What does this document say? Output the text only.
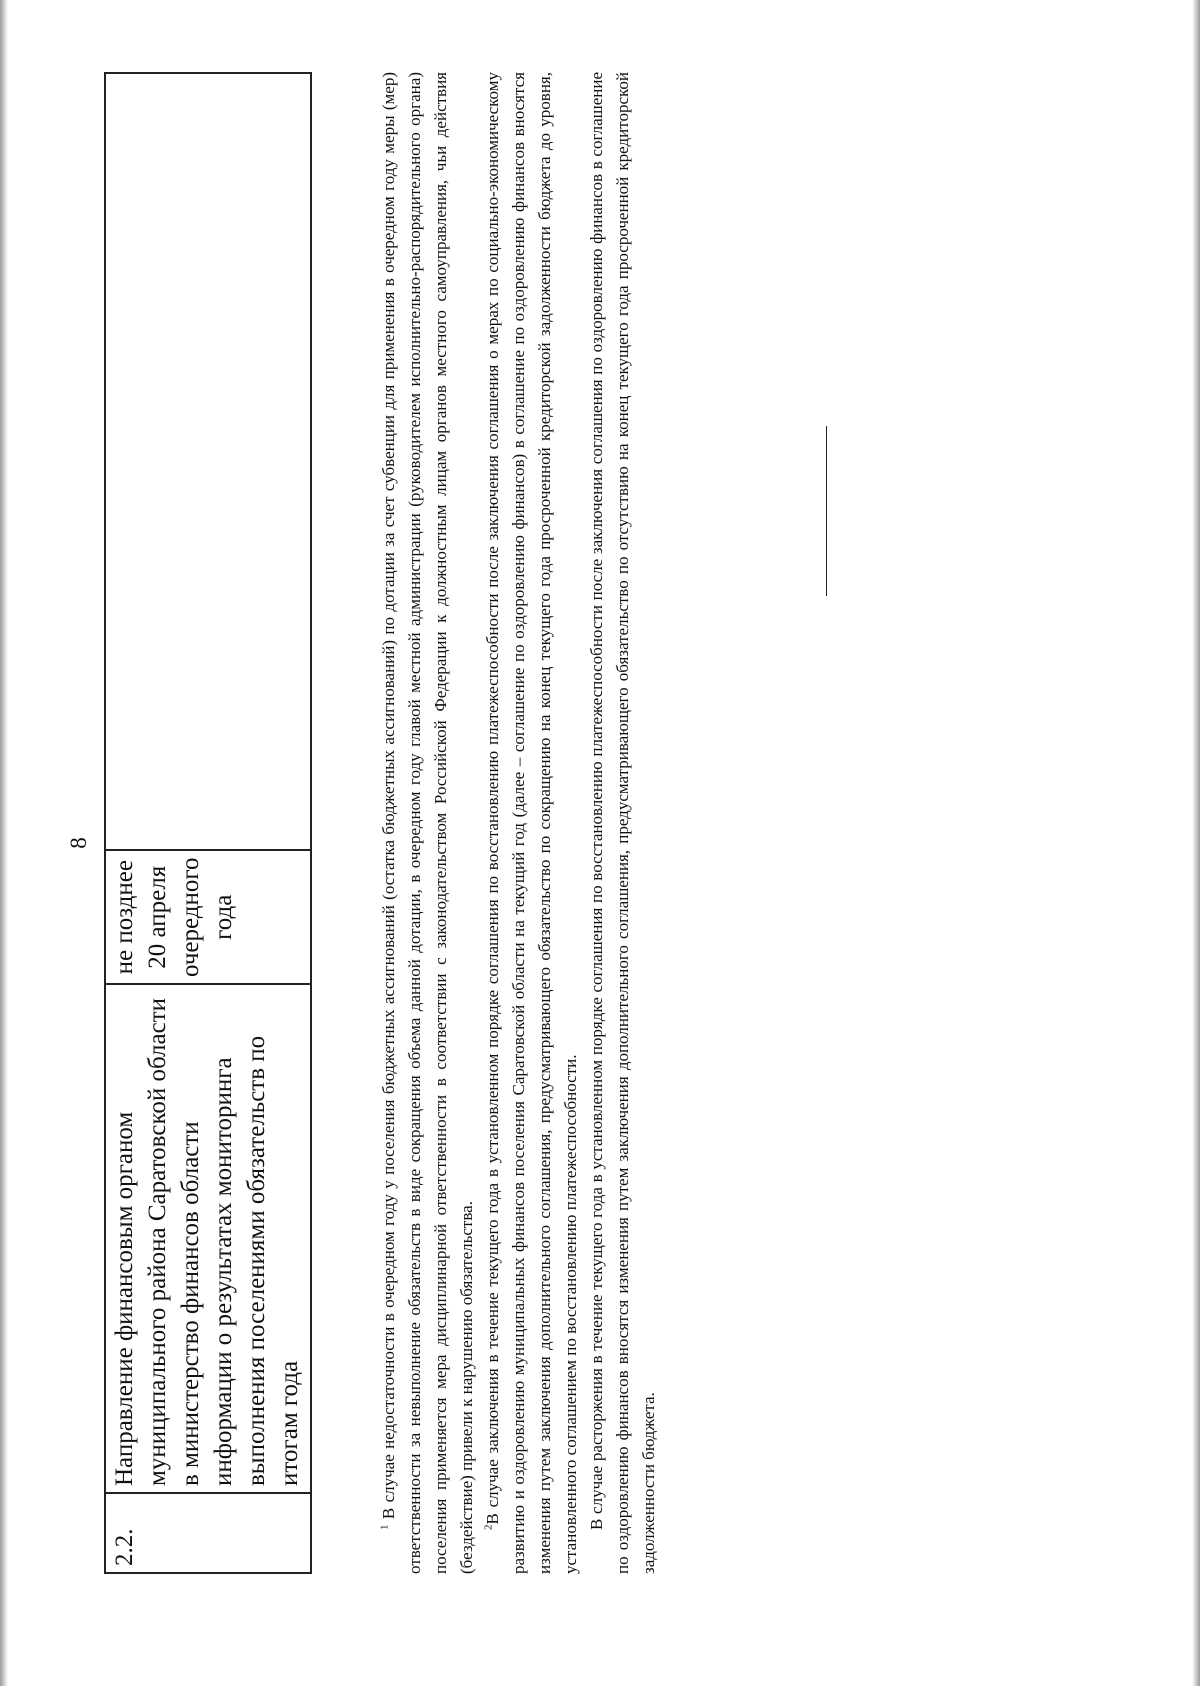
8
2.2.	Направление финансовым органом муниципального района Саратовской области в министерство финансов области информации о результатах мониторинга выполнения поселениями обязательств по итогам года	не позднее 20 апреля очередного года	

$^1$ В случае недостаточности в очередном году у поселения бюджетных ассигнований (остатка бюджетных ассигнований) по дотации за счет субвенции для применения в очередном году меры (мер) ответственности за невыполнение обязательств в виде сокращения объема данной дотации, в очередном году главой местной администрации (руководителем исполнительно-распорядительного органа) поселения применяется мера дисциплинарной ответственности в соответствии с законодательством Российской Федерации к должностным лицам органов местного самоуправления, чьи действия (бездействие) привели к нарушению обязательства. $^2$В случае заключения в течение текущего года в установленном порядке соглашения по восстановлению платежеспособности после заключения соглашения о мерах по социально-экономическому развитию и оздоровлению муниципальных финансов поселения Саратовской области на текущий год (далее – соглашение по оздоровлению финансов) в соглашение по оздоровлению финансов вносятся изменения путем заключения дополнительного соглашения, предусматривающего обязательство по сокращению на конец текущего года просроченной кредиторской задолженности бюджета до уровня, установленного соглашением по восстановлению платежеспособности. В случае расторжения в течение текущего года в установленном порядке соглашения по восстановлению платежеспособности после заключения соглашения по оздоровлению финансов в соглашение по оздоровлению финансов вносятся изменения путем заключения дополнительного соглашения, предусматривающего обязательство по отсутствию на конец текущего года просроченной кредиторской задолженности бюджета.
